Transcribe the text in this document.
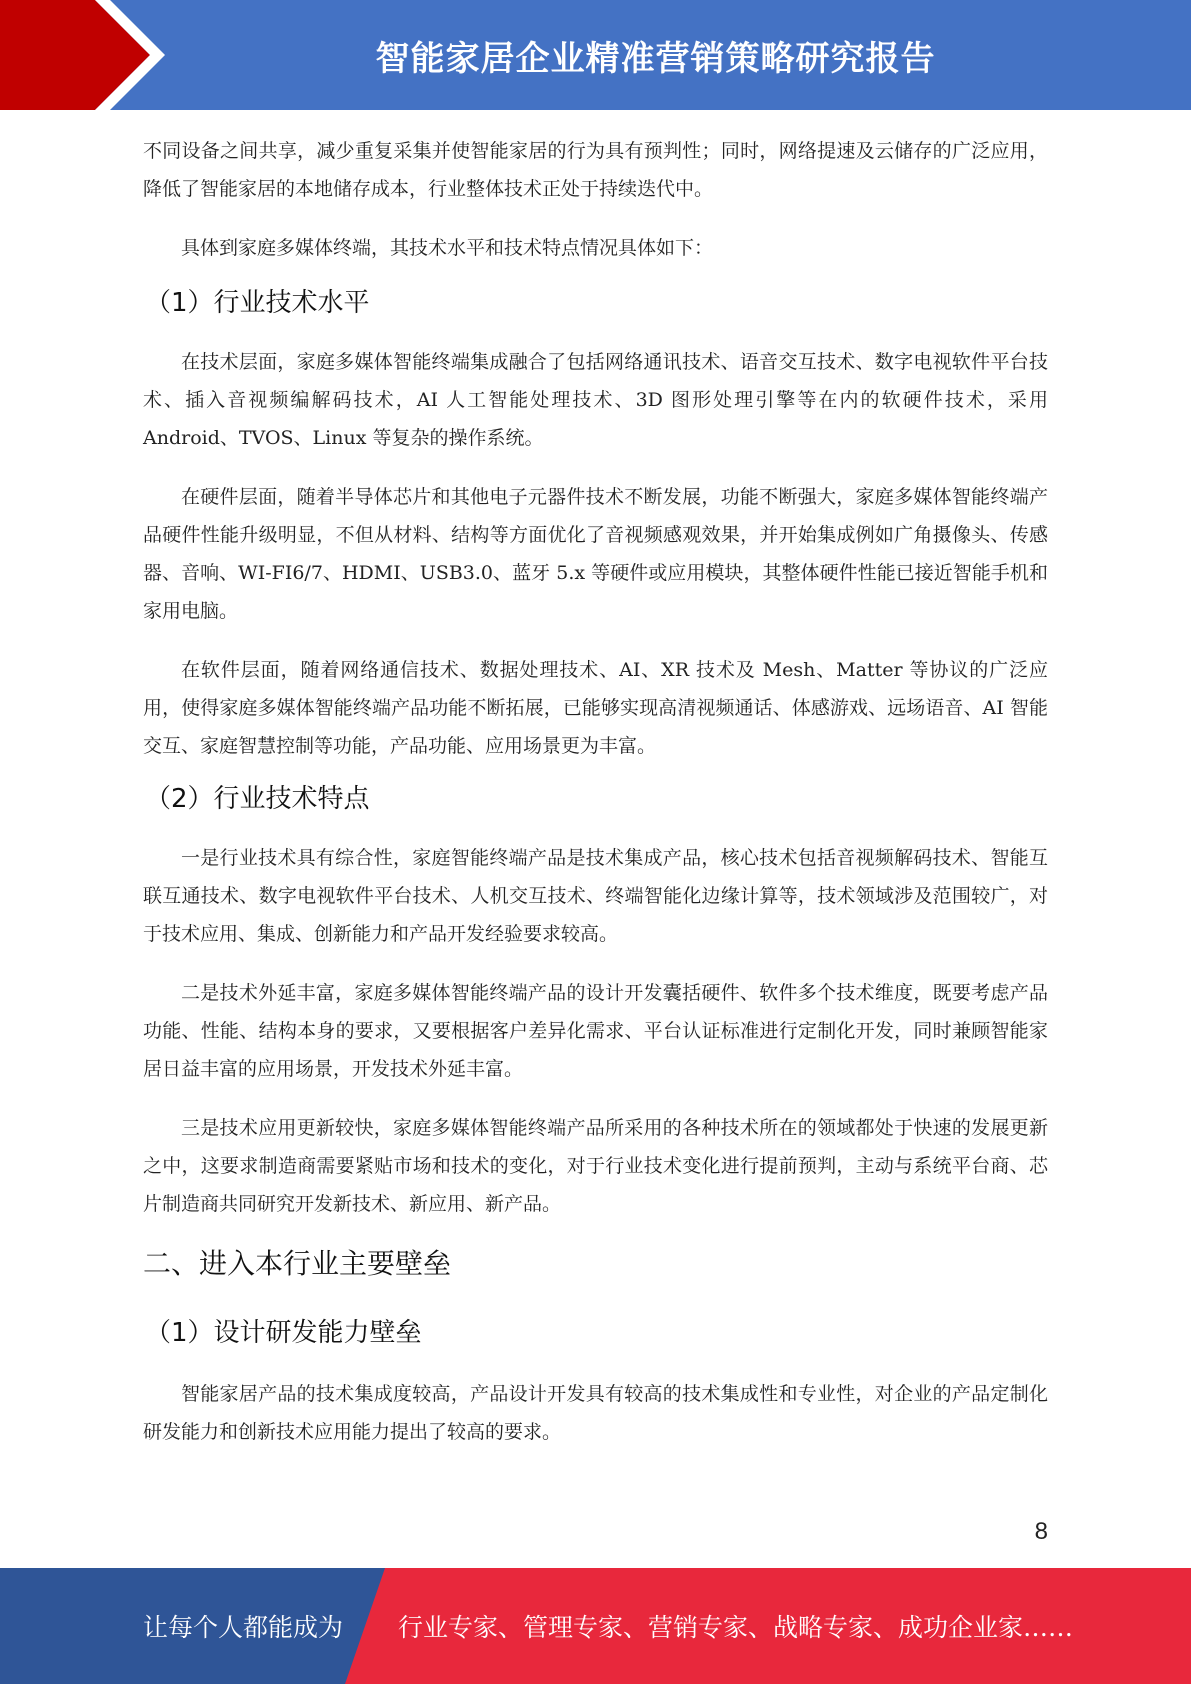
智能家居企业精准营销策略研究报告

不同设备之间共享，减少重复采集并使智能家居的行为具有预判性；同时，网络提速及云储存的广泛应用，降低了智能家居的本地储存成本，行业整体技术正处于持续迭代中。

具体到家庭多媒体终端，其技术水平和技术特点情况具体如下：

（1）行业技术水平

在技术层面，家庭多媒体智能终端集成融合了包括网络通讯技术、语音交互技术、数字电视软件平台技术、插入音视频编解码技术，AI 人工智能处理技术、3D 图形处理引擎等在内的软硬件技术，采用 Android、TVOS、Linux 等复杂的操作系统。

在硬件层面，随着半导体芯片和其他电子元器件技术不断发展，功能不断强大，家庭多媒体智能终端产品硬件性能升级明显，不但从材料、结构等方面优化了音视频感观效果，并开始集成例如广角摄像头、传感器、音响、WI-FI6/7、HDMI、USB3.0、蓝牙 5.x 等硬件或应用模块，其整体硬件性能已接近智能手机和家用电脑。

在软件层面，随着网络通信技术、数据处理技术、AI、XR 技术及 Mesh、Matter 等协议的广泛应用，使得家庭多媒体智能终端产品功能不断拓展，已能够实现高清视频通话、体感游戏、远场语音、AI 智能交互、家庭智慧控制等功能，产品功能、应用场景更为丰富。

（2）行业技术特点

一是行业技术具有综合性，家庭智能终端产品是技术集成产品，核心技术包括音视频解码技术、智能互联互通技术、数字电视软件平台技术、人机交互技术、终端智能化边缘计算等，技术领域涉及范围较广，对于技术应用、集成、创新能力和产品开发经验要求较高。

二是技术外延丰富，家庭多媒体智能终端产品的设计开发囊括硬件、软件多个技术维度，既要考虑产品功能、性能、结构本身的要求，又要根据客户差异化需求、平台认证标准进行定制化开发，同时兼顾智能家居日益丰富的应用场景，开发技术外延丰富。

三是技术应用更新较快，家庭多媒体智能终端产品所采用的各种技术所在的领域都处于快速的发展更新之中，这要求制造商需要紧贴市场和技术的变化，对于行业技术变化进行提前预判，主动与系统平台商、芯片制造商共同研究开发新技术、新应用、新产品。

二、进入本行业主要壁垒
（1）设计研发能力壁垒

智能家居产品的技术集成度较高，产品设计开发具有较高的技术集成性和专业性，对企业的产品定制化研发能力和创新技术应用能力提出了较高的要求。

8
让每个人都能成为 行业专家、管理专家、营销专家、战略专家、成功企业家……
